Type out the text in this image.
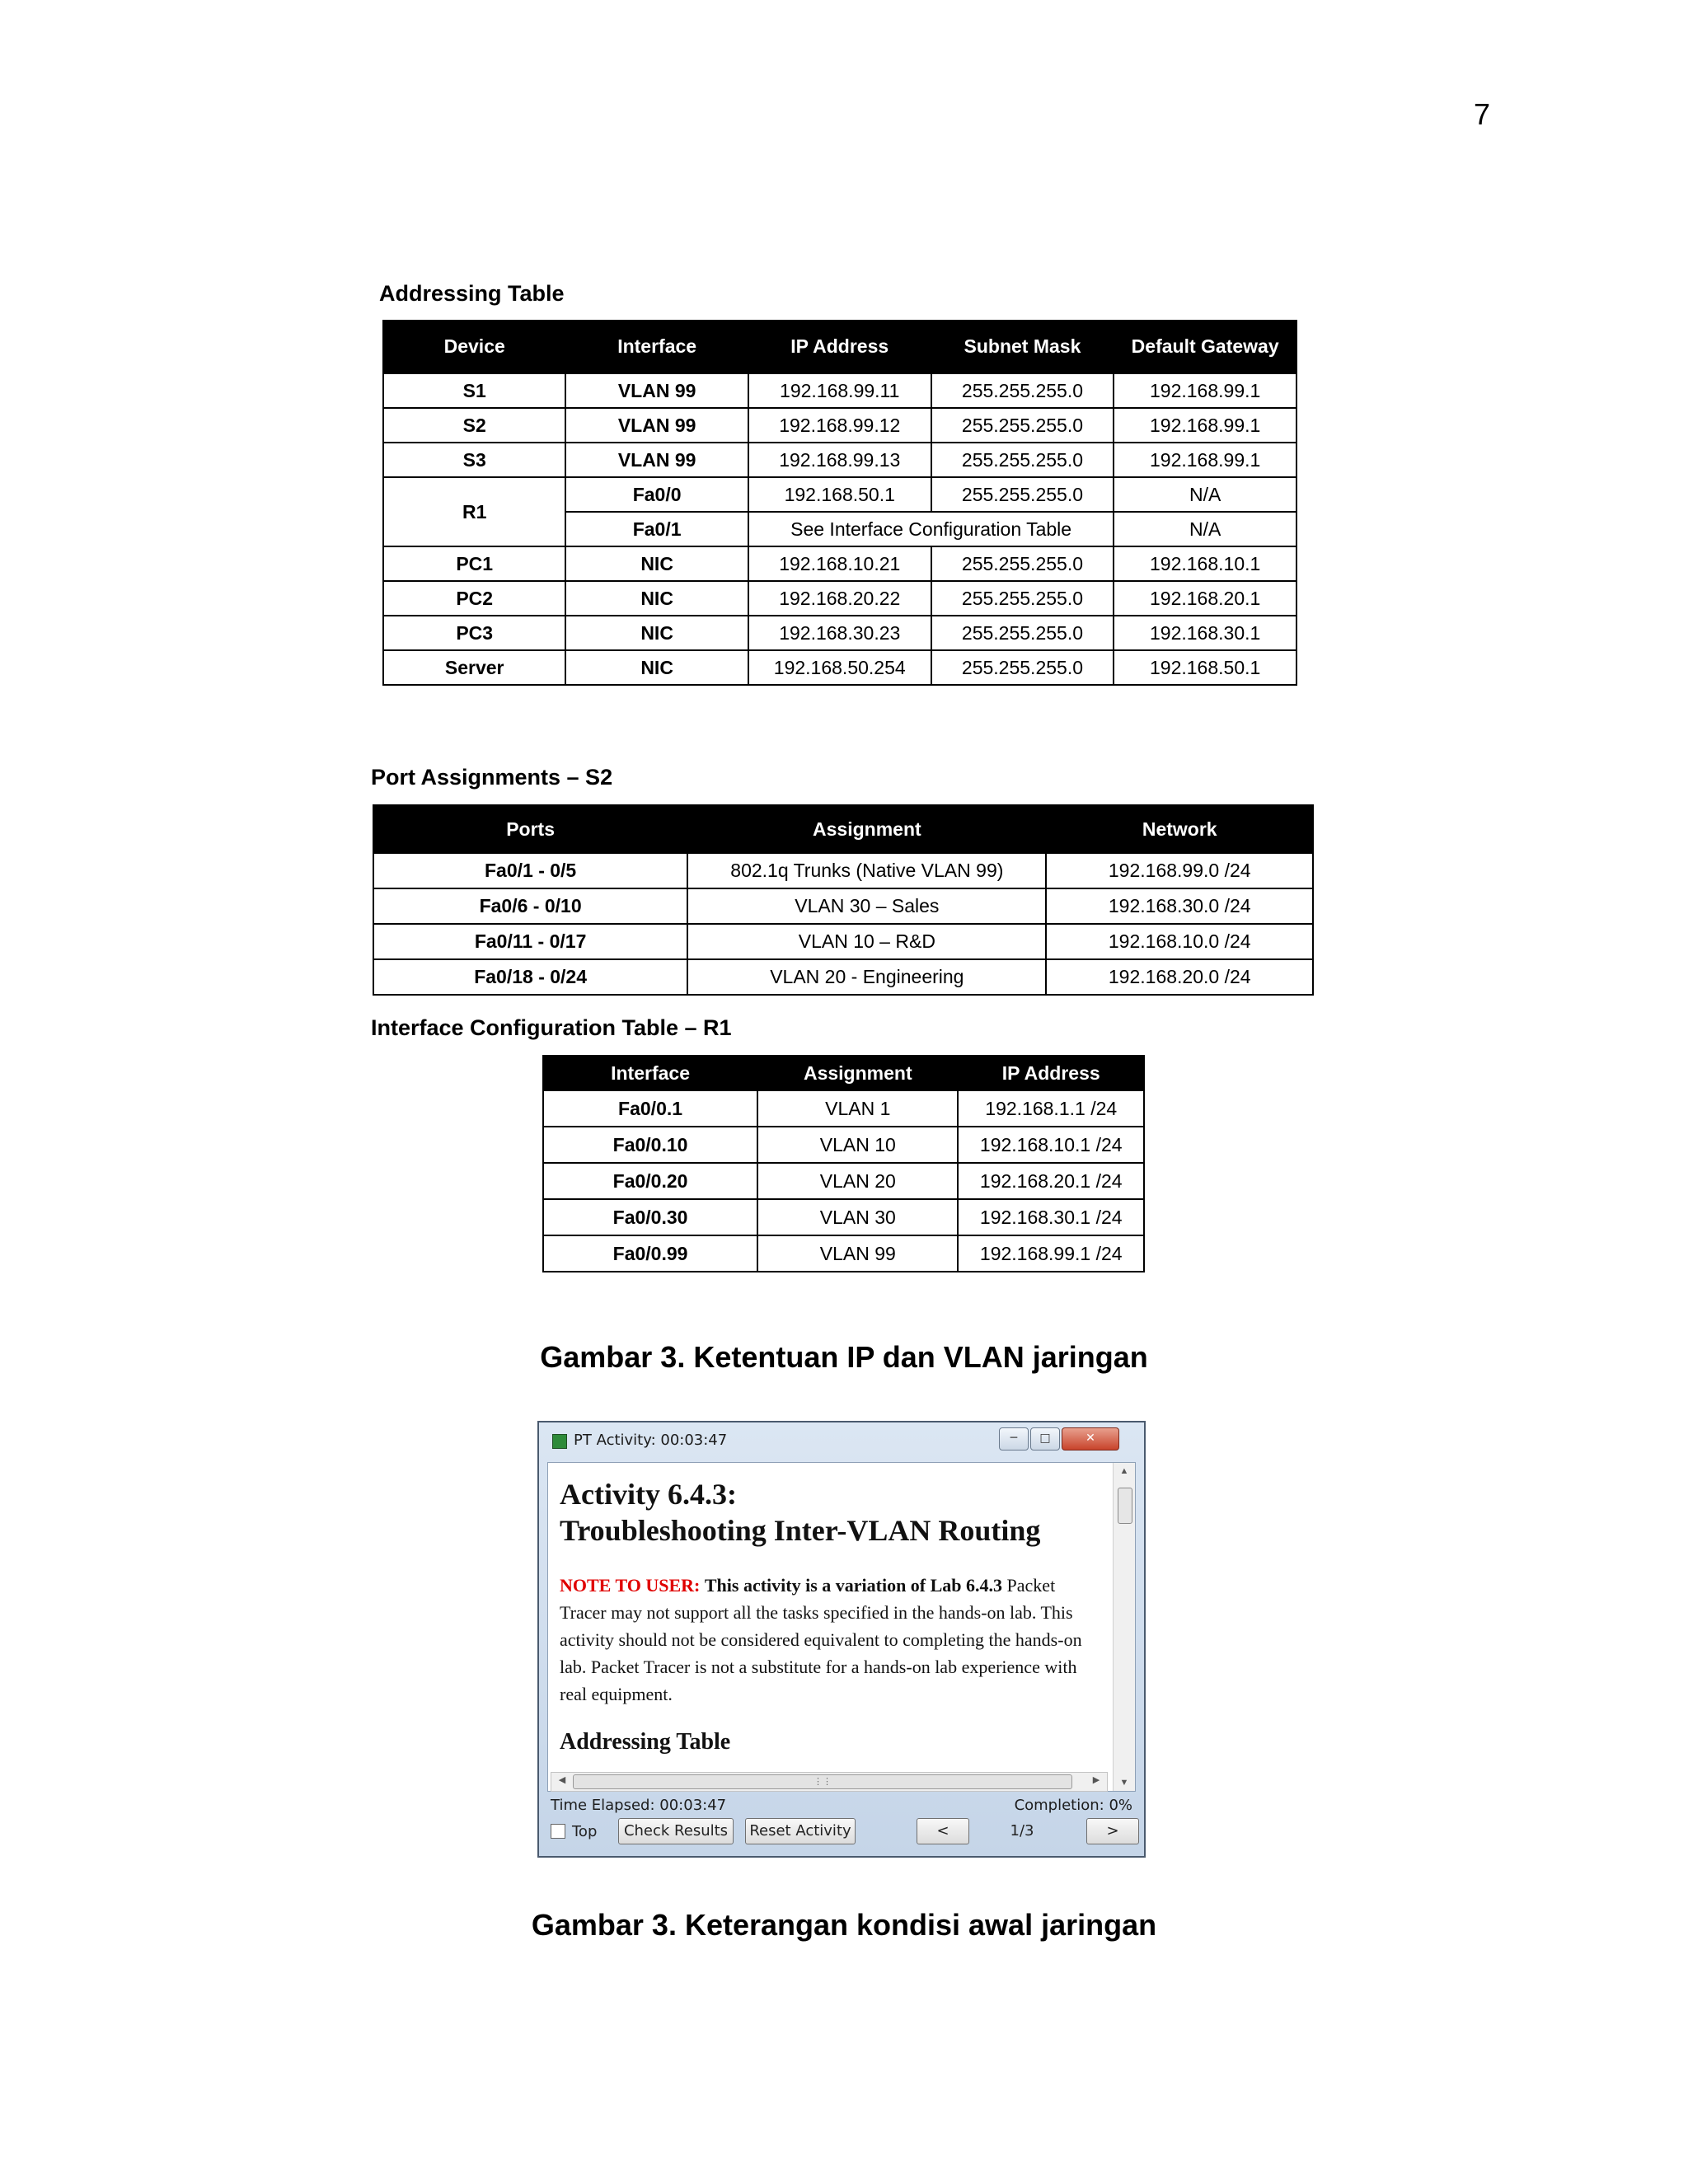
7
Addressing Table
Device	Interface	IP Address	Subnet Mask	Default Gateway
S1	VLAN 99	192.168.99.11	255.255.255.0	192.168.99.1
S2	VLAN 99	192.168.99.12	255.255.255.0	192.168.99.1
S3	VLAN 99	192.168.99.13	255.255.255.0	192.168.99.1
R1	Fa0/0	192.168.50.1	255.255.255.0	N/A
	Fa0/1	See Interface Configuration Table		N/A
PC1	NIC	192.168.10.21	255.255.255.0	192.168.10.1
PC2	NIC	192.168.20.22	255.255.255.0	192.168.20.1
PC3	NIC	192.168.30.23	255.255.255.0	192.168.30.1
Server	NIC	192.168.50.254	255.255.255.0	192.168.50.1
Port Assignments – S2
Ports	Assignment	Network
Fa0/1 - 0/5	802.1q Trunks (Native VLAN 99)	192.168.99.0 /24
Fa0/6 - 0/10	VLAN 30 – Sales	192.168.30.0 /24
Fa0/11 - 0/17	VLAN 10 – R&D	192.168.10.0 /24
Fa0/18 - 0/24	VLAN 20 - Engineering	192.168.20.0 /24
Interface Configuration Table – R1
Interface	Assignment	IP Address
Fa0/0.1	VLAN 1	192.168.1.1 /24
Fa0/0.10	VLAN 10	192.168.10.1 /24
Fa0/0.20	VLAN 20	192.168.20.1 /24
Fa0/0.30	VLAN 30	192.168.30.1 /24
Fa0/0.99	VLAN 99	192.168.99.1 /24
Gambar 3. Ketentuan IP dan VLAN jaringan
PT Activity: 00:03:47	─	□	✕
Activity 6.4.3:
Troubleshooting Inter-VLAN Routing

NOTE TO USER: This activity is a variation of Lab 6.4.3 Packet Tracer may not support all the tasks specified in the hands-on lab. This activity should not be considered equivalent to completing the hands-on lab. Packet Tracer is not a substitute for a hands-on lab experience with real equipment.

Addressing Table
▲
▼
◀	⋮⋮	▶
Time Elapsed: 00:03:47	Completion: 0%
Top	Check Results	Reset Activity	<	1/3	>
Gambar 3. Keterangan kondisi awal jaringan
